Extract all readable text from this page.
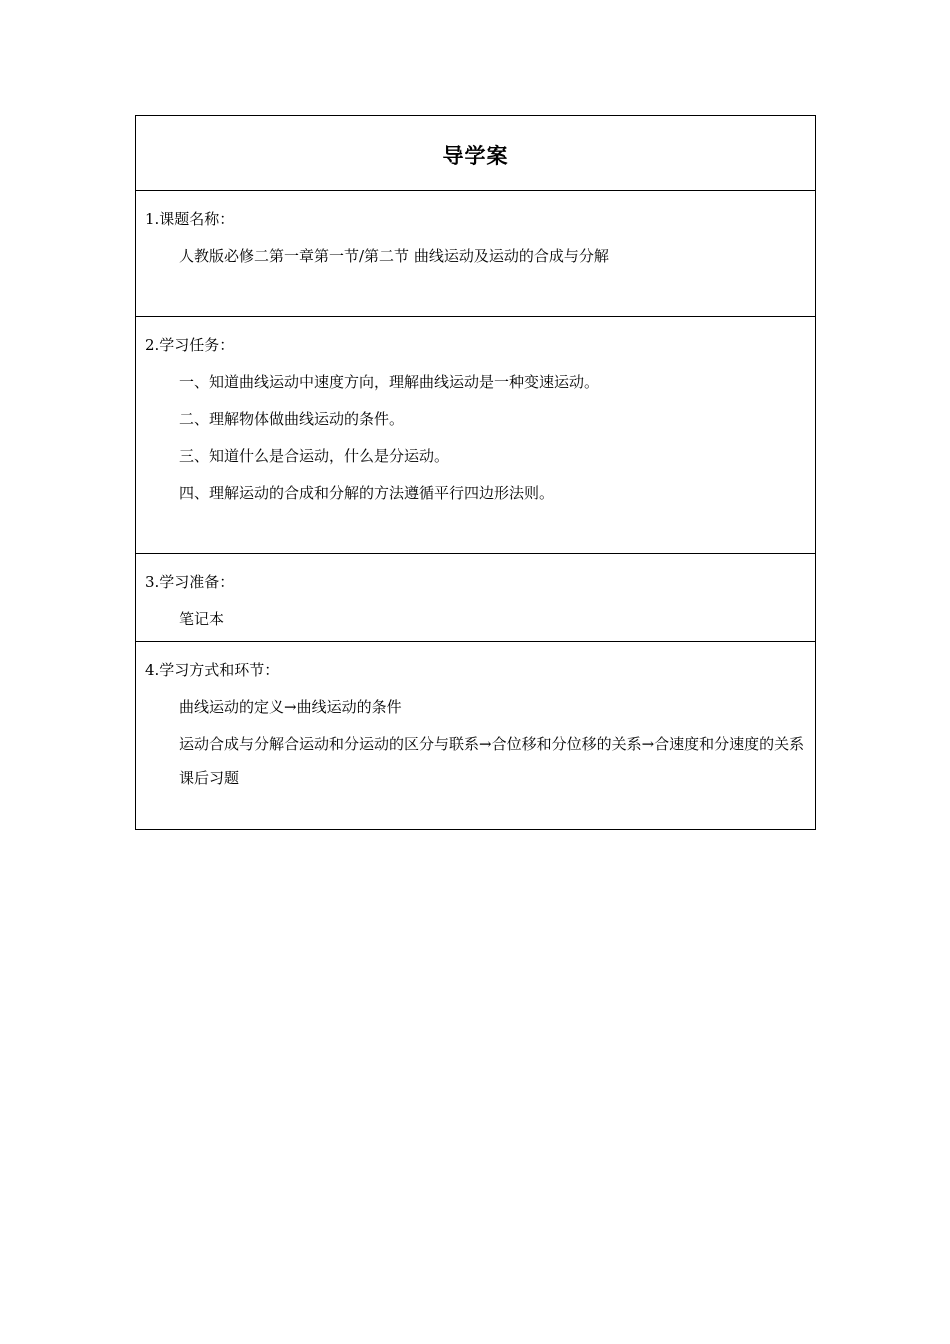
导学案
1.课题名称：
人教版必修二第一章第一节/第二节 曲线运动及运动的合成与分解
2.学习任务：
一、知道曲线运动中速度方向，理解曲线运动是一种变速运动。
二、理解物体做曲线运动的条件。
三、知道什么是合运动，什么是分运动。
四、理解运动的合成和分解的方法遵循平行四边形法则。
3.学习准备：
笔记本
4.学习方式和环节：
曲线运动的定义→曲线运动的条件
运动合成与分解合运动和分运动的区分与联系→合位移和分位移的关系→合速度和分速度的关系
课后习题
